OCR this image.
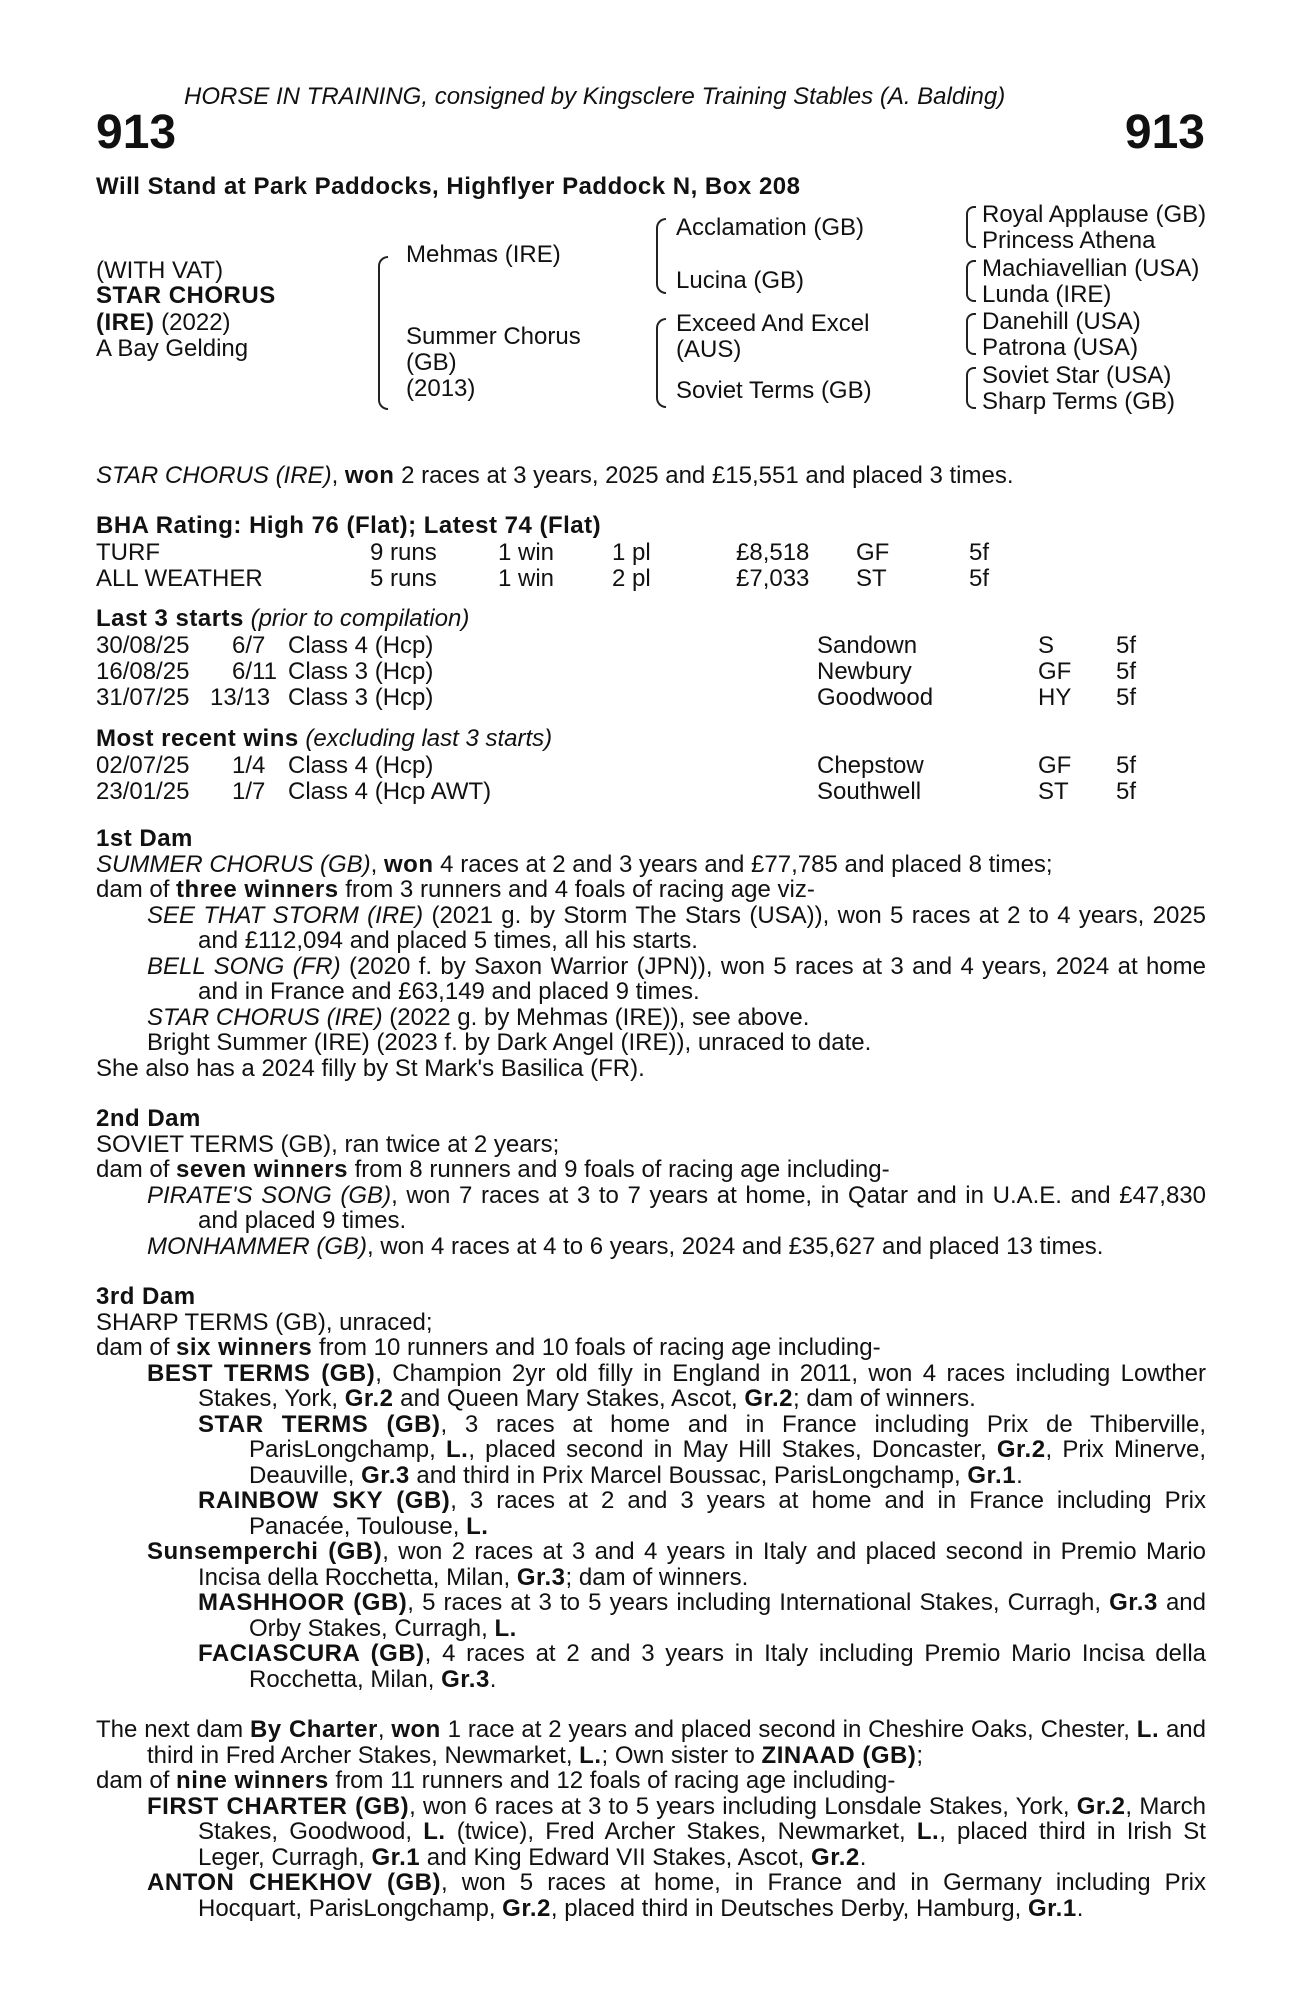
HORSE IN TRAINING, consigned by Kingsclere Training Stables (A. Balding)
913	913
Will Stand at Park Paddocks, Highflyer Paddock N, Box 208
(WITH VAT)
STAR CHORUS
(IRE) (2022)
A Bay Gelding
Mehmas (IRE)
Summer Chorus
(GB)
(2013)
Acclamation (GB)
Lucina (GB)
Exceed And Excel
(AUS)
Soviet Terms (GB)
Royal Applause (GB)
Princess Athena
Machiavellian (USA)
Lunda (IRE)
Danehill (USA)
Patrona (USA)
Soviet Star (USA)
Sharp Terms (GB)
STAR CHORUS (IRE), won 2 races at 3 years, 2025 and £15,551 and placed 3 times.
BHA Rating: High 76 (Flat); Latest 74 (Flat)
TURF	9 runs	1 win 1 pl	£8,518 GF	5f
ALL WEATHER	5 runs	1 win 2 pl	£7,033 ST	5f
Last 3 starts (prior to compilation)
30/08/25 6/7 Class 4 (Hcp)	Sandown	S	5f
16/08/25 6/11 Class 3 (Hcp)	Newbury	GF 5f
31/07/25 13/13 Class 3 (Hcp)	Goodwood	HY 5f
Most recent wins (excluding last 3 starts)
02/07/25 1/4 Class 4 (Hcp)	Chepstow	GF 5f
23/01/25 1/7 Class 4 (Hcp AWT)	Southwell	ST 5f

1st Dam

SUMMER CHORUS (GB), won 4 races at 2 and 3 years and £77,785 and placed 8 times;

dam of three winners from 3 runners and 4 foals of racing age viz-

SEE THAT STORM (IRE) (2021 g. by Storm The Stars (USA)), won 5 races at 2 to 4 years, 2025 and £112,094 and placed 5 times, all his starts.

BELL SONG (FR) (2020 f. by Saxon Warrior (JPN)), won 5 races at 3 and 4 years, 2024 at home and in France and £63,149 and placed 9 times.

STAR CHORUS (IRE) (2022 g. by Mehmas (IRE)), see above.

Bright Summer (IRE) (2023 f. by Dark Angel (IRE)), unraced to date.

She also has a 2024 filly by St Mark's Basilica (FR).

2nd Dam

SOVIET TERMS (GB), ran twice at 2 years;

dam of seven winners from 8 runners and 9 foals of racing age including-

PIRATE'S SONG (GB), won 7 races at 3 to 7 years at home, in Qatar and in U.A.E. and £47,830 and placed 9 times.

MONHAMMER (GB), won 4 races at 4 to 6 years, 2024 and £35,627 and placed 13 times.

3rd Dam

SHARP TERMS (GB), unraced;

dam of six winners from 10 runners and 10 foals of racing age including-

BEST TERMS (GB), Champion 2yr old filly in England in 2011, won 4 races including Lowther Stakes, York, Gr.2 and Queen Mary Stakes, Ascot, Gr.2; dam of winners.

STAR TERMS (GB), 3 races at home and in France including Prix de Thiberville, ParisLongchamp, L., placed second in May Hill Stakes, Doncaster, Gr.2, Prix Minerve, Deauville, Gr.3 and third in Prix Marcel Boussac, ParisLongchamp, Gr.1.

RAINBOW SKY (GB), 3 races at 2 and 3 years at home and in France including Prix Panacée, Toulouse, L.

Sunsemperchi (GB), won 2 races at 3 and 4 years in Italy and placed second in Premio Mario Incisa della Rocchetta, Milan, Gr.3; dam of winners.

MASHHOOR (GB), 5 races at 3 to 5 years including International Stakes, Curragh, Gr.3 and Orby Stakes, Curragh, L.

FACIASCURA (GB), 4 races at 2 and 3 years in Italy including Premio Mario Incisa della Rocchetta, Milan, Gr.3.

The next dam By Charter, won 1 race at 2 years and placed second in Cheshire Oaks, Chester, L. and third in Fred Archer Stakes, Newmarket, L.; Own sister to ZINAAD (GB);

dam of nine winners from 11 runners and 12 foals of racing age including-

FIRST CHARTER (GB), won 6 races at 3 to 5 years including Lonsdale Stakes, York, Gr.2, March Stakes, Goodwood, L. (twice), Fred Archer Stakes, Newmarket, L., placed third in Irish St Leger, Curragh, Gr.1 and King Edward VII Stakes, Ascot, Gr.2.

ANTON CHEKHOV (GB), won 5 races at home, in France and in Germany including Prix Hocquart, ParisLongchamp, Gr.2, placed third in Deutsches Derby, Hamburg, Gr.1.
